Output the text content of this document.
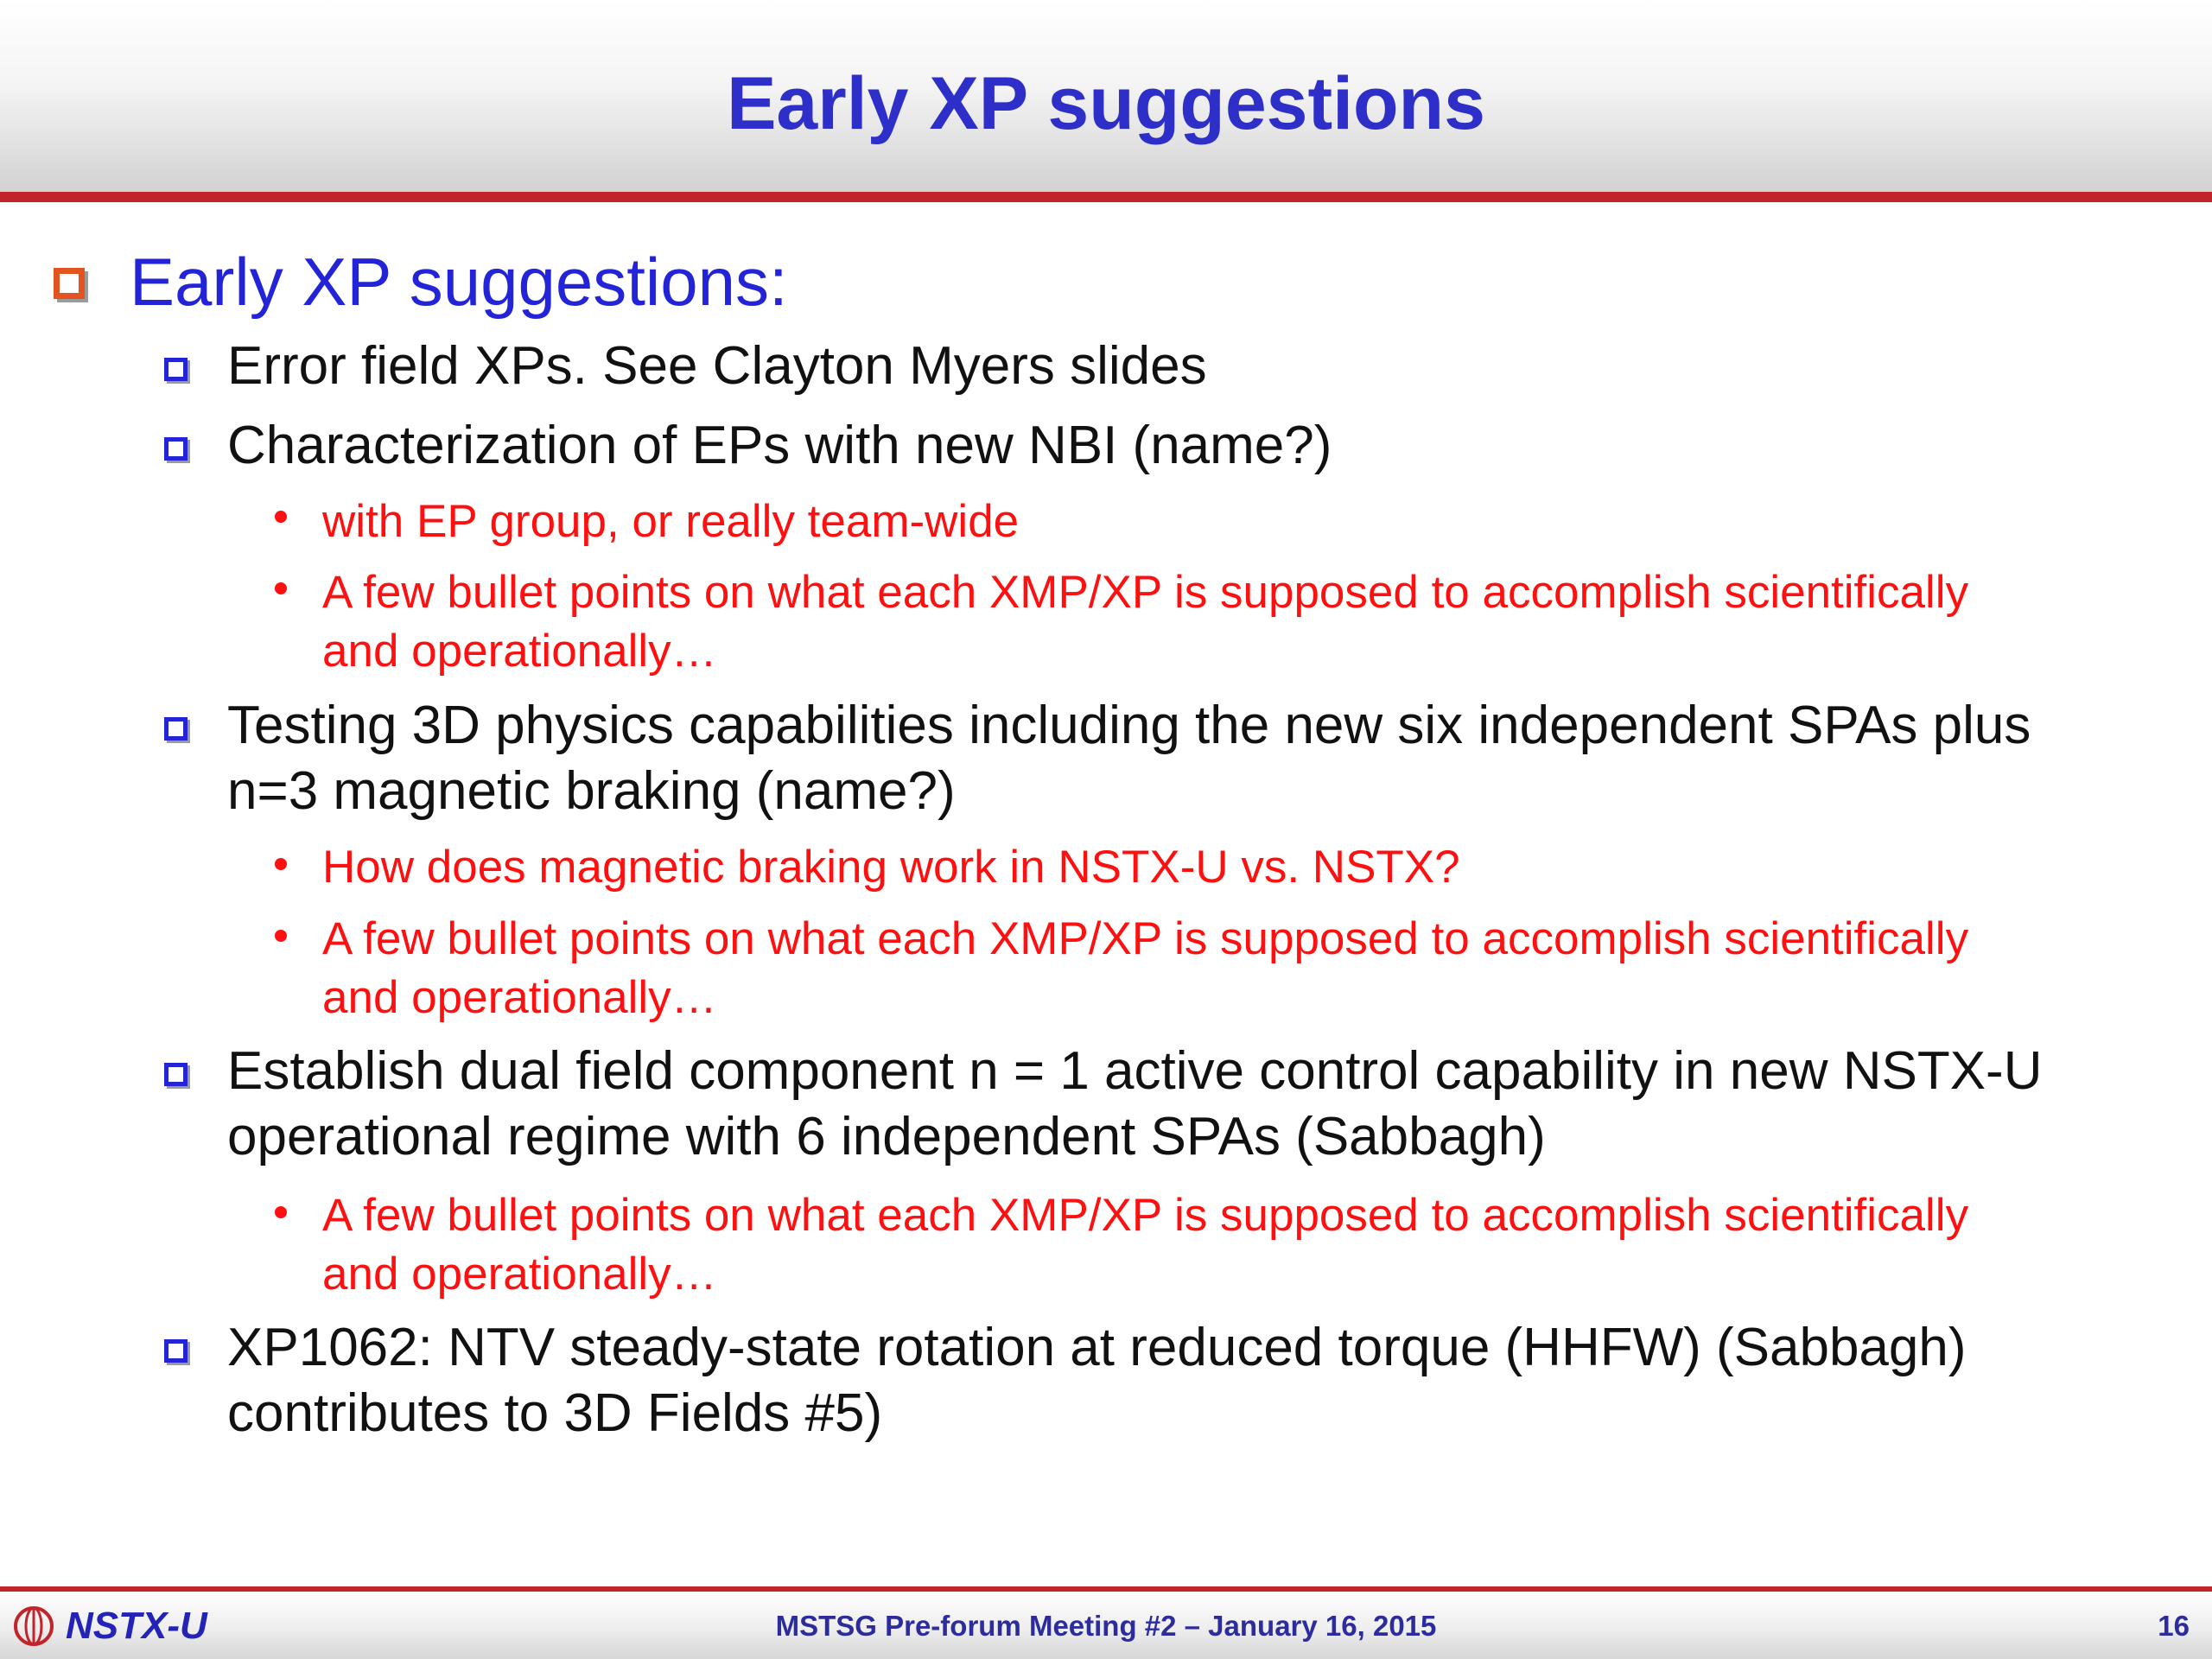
Early XP suggestions
Early XP suggestions:
Error field XPs. See Clayton Myers slides
Characterization of EPs with new NBI (name?)
with EP group, or really team-wide
A few bullet points on what each XMP/XP is supposed to accomplish scientifically
and operationally…
Testing 3D physics capabilities including the new six independent SPAs plus
n=3 magnetic braking (name?)
How does magnetic braking work in NSTX-U vs. NSTX?
A few bullet points on what each XMP/XP is supposed to accomplish scientifically
and operationally…
Establish dual field component n = 1 active control capability in new NSTX-U
operational regime with 6 independent SPAs (Sabbagh)
A few bullet points on what each XMP/XP is supposed to accomplish scientifically
and operationally…
XP1062: NTV steady-state rotation at reduced torque (HHFW) (Sabbagh)
contributes to 3D Fields #5)
NSTX-U	MSTSG Pre-forum Meeting #2 – January 16, 2015	16
